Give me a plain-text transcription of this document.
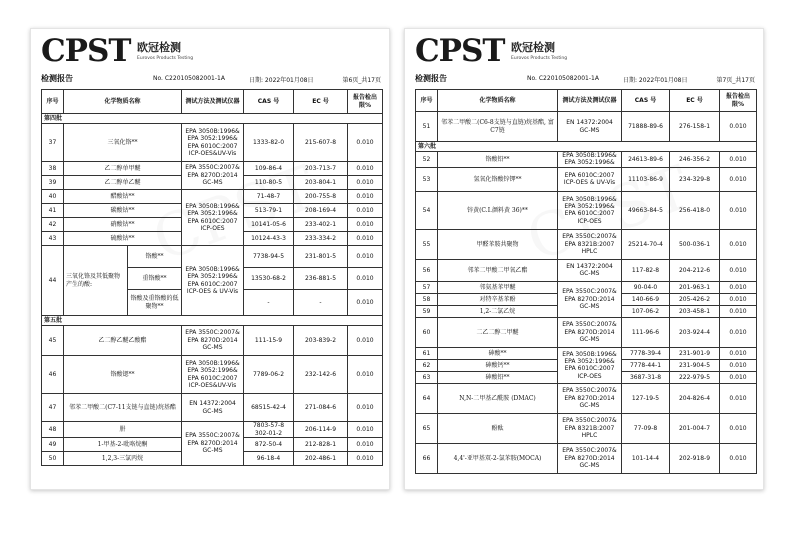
CPST 欧冠检测
Eurovos Products Testing
检测报告	No. C220105082001-1A	日期: 2022年01月08日	第6页_共17页
序号	化学物质名称		测试方法及测试仪器	CAS 号	EC 号	报告检出限%
第四批						
37	三氧化铬**		EPA 3050B:1996& EPA 3052:1996& EPA 6010C:2007 ICP-OES&UV-Vis	1333-82-0	215-607-8	0.010
38	乙二醇单甲醚		EPA 3550C:2007& EPA 8270D:2014 GC-MS	109-86-4	203-713-7	0.010
39	乙二醇单乙醚			110-80-5	203-804-1	0.010
40	醋酸钴**		EPA 3050B:1996& EPA 3052:1996& EPA 6010C:2007 ICP-OES	71-48-7	200-755-8	0.010
41	碳酸钴**			513-79-1	208-169-4	0.010
42	硝酸钴**			10141-05-6	233-402-1	0.010
43	硫酸钴**			10124-43-3	233-334-2	0.010
44	三氧化铬及其低聚物产生的酸:	铬酸**	EPA 3050B:1996& EPA 3052:1996& EPA 6010C:2007 ICP-OES & UV-Vis	7738-94-5	231-801-5	0.010
		重铬酸**		13530-68-2	236-881-5	0.010
		铬酸及重铬酸的低聚物**		-	-	0.010
第五批						
45	乙二醇乙醚乙酸酯		EPA 3550C:2007& EPA 8270D:2014 GC-MS	111-15-9	203-839-2	0.010
46	铬酸锶**		EPA 3050B:1996& EPA 3052:1996& EPA 6010C:2007 ICP-OES&UV-Vis	7789-06-2	232-142-6	0.010
47	邻苯二甲酸二(C7-11支链与直链)烷基酯		EN 14372:2004 GC-MS	68515-42-4	271-084-6	0.010
48	肼		EPA 3550C:2007& EPA 8270D:2014 GC-MS	7803-57-8 302-01-2	206-114-9	0.010
49	1-甲基-2-吡咯烷酮			872-50-4	212-828-1	0.010
50	1,2,3-三氯丙烷			96-18-4	202-486-1	0.010
CPST 欧冠检测
Eurovos Products Testing
检测报告	No. C220105082001-1A	日期: 2022年01月08日	第7页_共17页
序号	化学物质名称	测试方法及测试仪器	CAS 号	EC 号	报告检出限%
51	邻苯二甲酸二(C6-8支链与直链)烷基酯, 富C7链	EN 14372:2004 GC-MS	71888-89-6	276-158-1	0.010
第六批					
52	铬酸铅**	EPA 3050B:1996& EPA 3052:1996&	24613-89-6	246-356-2	0.010
53	氢氧化铬酸锌钾**	EPA 6010C:2007 ICP-OES & UV-Vis	11103-86-9	234-329-8	0.010
54	锌黄(C.I.颜料黄 36)**	EPA 3050B:1996& EPA 3052:1996& EPA 6010C:2007 ICP-OES	49663-84-5	256-418-0	0.010
55	甲醛苯胺共聚物	EPA 3550C:2007& EPA 8321B:2007 HPLC	25214-70-4	500-036-1	0.010
56	邻苯二甲酸二甲氧乙酯	EN 14372:2004 GC-MS	117-82-8	204-212-6	0.010
57	邻氨基苯甲醚	EPA 3550C:2007& EPA 8270D:2014 GC-MS	90-04-0	201-963-1	0.010
58	对特辛基苯酚		140-66-9	205-426-2	0.010
59	1,2-二氯乙烷		107-06-2	203-458-1	0.010
60	二乙二醇二甲醚	EPA 3550C:2007& EPA 8270D:2014 GC-MS	111-96-6	203-924-4	0.010
61	砷酸**	EPA 3050B:1996& EPA 3052:1996& EPA 6010C:2007 ICP-OES	7778-39-4	231-901-9	0.010
62	砷酸钙**		7778-44-1	231-904-5	0.010
63	砷酸铅**		3687-31-8	222-979-5	0.010
64	N,N-二甲基乙酰胺 (DMAC)	EPA 3550C:2007& EPA 8270D:2014 GC-MS	127-19-5	204-826-4	0.010
65	酚酞	EPA 3550C:2007& EPA 8321B:2007 HPLC	77-09-8	201-004-7	0.010
66	4,4'-亚甲基双-2-氯苯胺(MOCA)	EPA 3550C:2007& EPA 8270D:2014 GC-MS	101-14-4	202-918-9	0.010
